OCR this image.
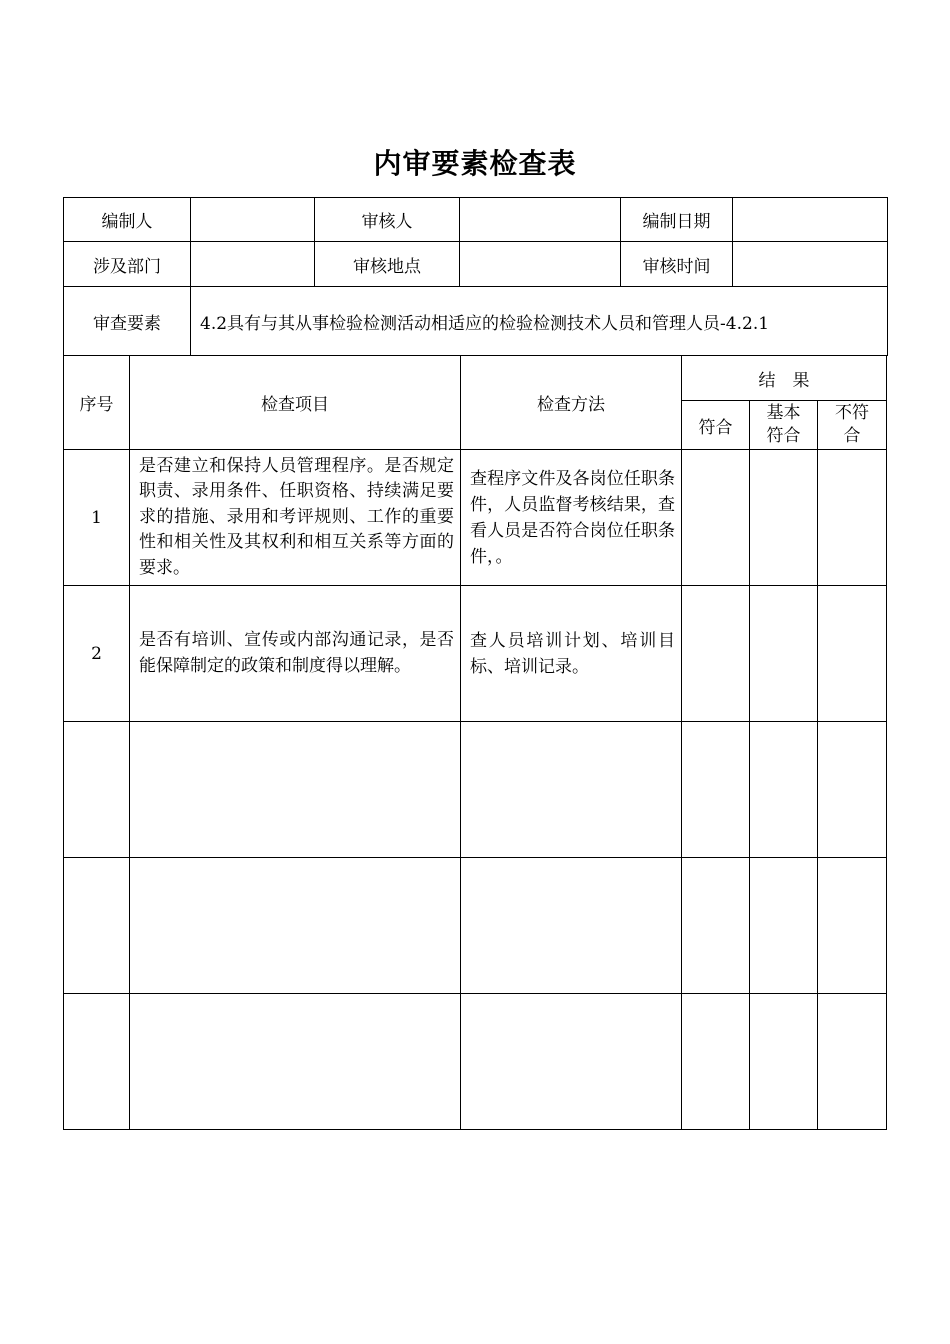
内审要素检查表
编制人		审核人		编制日期	
涉及部门		审核地点		审核时间	
审查要素	4.2具有与其从事检验检测活动相适应的检验检测技术人员和管理人员-4.2.1				
序号	检查项目	检查方法	结　果		
			符合	基本符合	不符合
1	是否建立和保持人员管理程序。是否规定职责、录用条件、任职资格、持续满足要求的措施、录用和考评规则、工作的重要性和相关性及其权利和相互关系等方面的要求。	查程序文件及各岗位任职条件，人员监督考核结果，查看人员是否符合岗位任职条件，。			
2	是否有培训、宣传或内部沟通记录，是否能保障制定的政策和制度得以理解。	查人员培训计划、培训目标、培训记录。			
